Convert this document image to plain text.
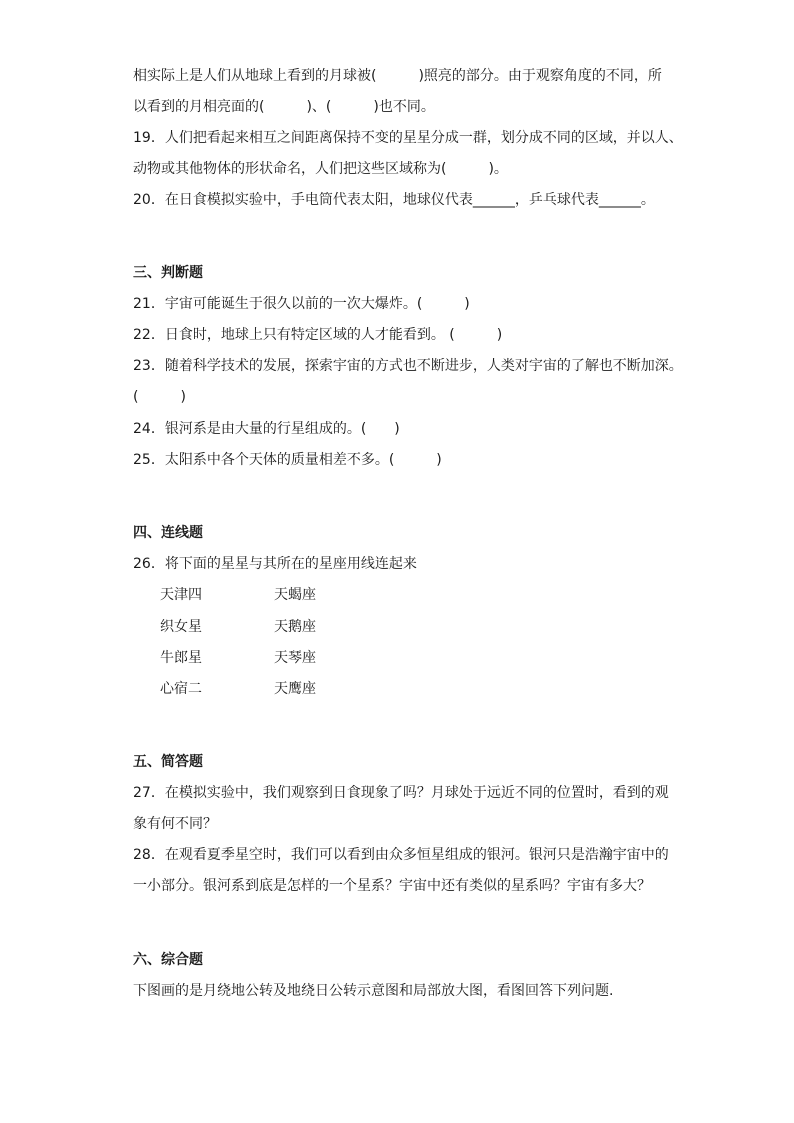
相实际上是人们从地球上看到的月球被(　　　)照亮的部分。由于观察角度的不同，所
以看到的月相亮面的(　　　)、(　　　)也不同。
19．人们把看起来相互之间距离保持不变的星星分成一群，划分成不同的区域，并以人、
动物或其他物体的形状命名，人们把这些区域称为(　　　)。
20．在日食模拟实验中，手电筒代表太阳，地球仪代表______，乒乓球代表______。
三、判断题
21．宇宙可能诞生于很久以前的一次大爆炸。(　　　)
22．日食时，地球上只有特定区域的人才能看到。 (　　　)
23．随着科学技术的发展，探索宇宙的方式也不断进步，人类对宇宙的了解也不断加深。
(　　　)
24．银河系是由大量的行星组成的。(　　)
25．太阳系中各个天体的质量相差不多。(　　　)
四、连线题
26．将下面的星星与其所在的星座用线连起来
天津四	天蝎座
织女星	天鹅座
牛郎星	天琴座
心宿二	天鹰座
五、简答题
27．在模拟实验中，我们观察到日食现象了吗？月球处于远近不同的位置时，看到的观
象有何不同？
28．在观看夏季星空时，我们可以看到由众多恒星组成的银河。银河只是浩瀚宇宙中的
一小部分。银河系到底是怎样的一个星系？宇宙中还有类似的星系吗？宇宙有多大？
六、综合题
下图画的是月绕地公转及地绕日公转示意图和局部放大图，看图回答下列问题.
